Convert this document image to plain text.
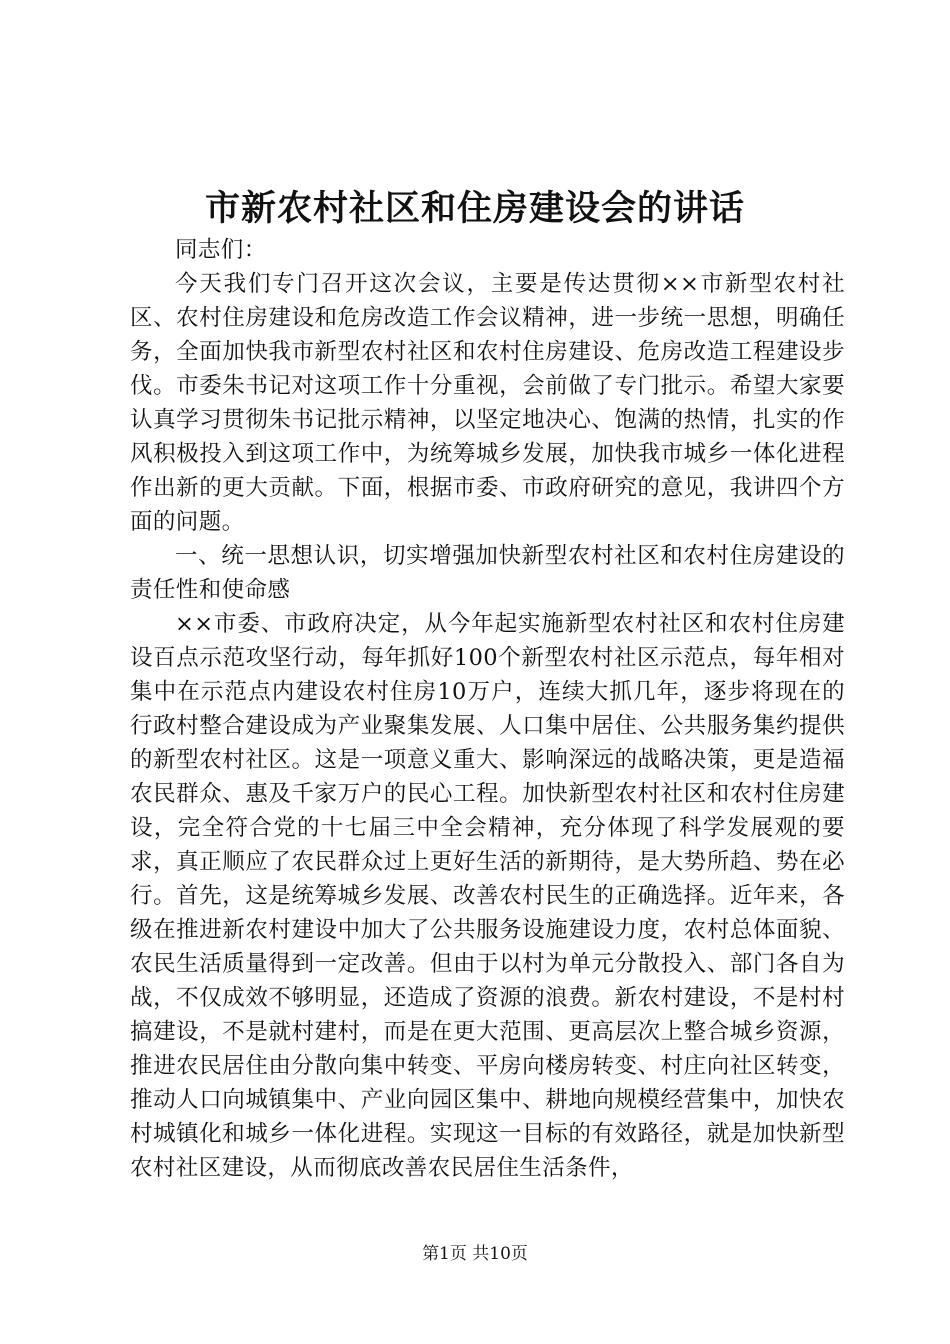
市新农村社区和住房建设会的讲话

同志们：

今天我们专门召开这次会议，主要是传达贯彻××市新型农村社区、农村住房建设和危房改造工作会议精神，进一步统一思想，明确任务，全面加快我市新型农村社区和农村住房建设、危房改造工程建设步伐。市委朱书记对这项工作十分重视，会前做了专门批示。希望大家要认真学习贯彻朱书记批示精神，以坚定地决心、饱满的热情，扎实的作风积极投入到这项工作中，为统筹城乡发展，加快我市城乡一体化进程作出新的更大贡献。下面，根据市委、市政府研究的意见，我讲四个方面的问题。

一、统一思想认识，切实增强加快新型农村社区和农村住房建设的责任性和使命感

××市委、市政府决定，从今年起实施新型农村社区和农村住房建设百点示范攻坚行动，每年抓好100个新型农村社区示范点，每年相对集中在示范点内建设农村住房10万户，连续大抓几年，逐步将现在的行政村整合建设成为产业聚集发展、人口集中居住、公共服务集约提供的新型农村社区。这是一项意义重大、影响深远的战略决策，更是造福农民群众、惠及千家万户的民心工程。加快新型农村社区和农村住房建设，完全符合党的十七届三中全会精神，充分体现了科学发展观的要求，真正顺应了农民群众过上更好生活的新期待，是大势所趋、势在必行。首先，这是统筹城乡发展、改善农村民生的正确选择。近年来，各级在推进新农村建设中加大了公共服务设施建设力度，农村总体面貌、农民生活质量得到一定改善。但由于以村为单元分散投入、部门各自为战，不仅成效不够明显，还造成了资源的浪费。新农村建设，不是村村搞建设，不是就村建村，而是在更大范围、更高层次上整合城乡资源，推进农民居住由分散向集中转变、平房向楼房转变、村庄向社区转变，推动人口向城镇集中、产业向园区集中、耕地向规模经营集中，加快农村城镇化和城乡一体化进程。实现这一目标的有效路径，就是加快新型农村社区建设，从而彻底改善农民居住生活条件，

第1页 共10页
